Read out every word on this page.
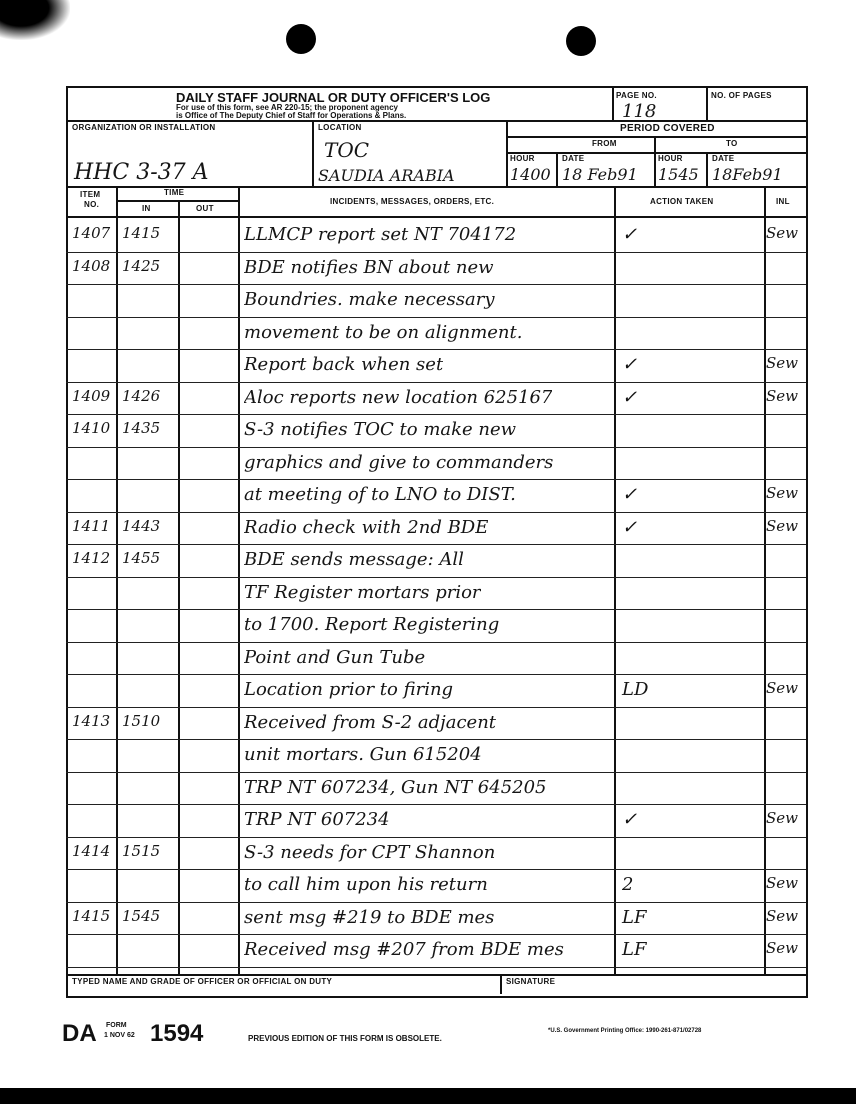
DAILY STAFF JOURNAL OR DUTY OFFICER'S LOG
For use of this form, see AR 220-15; the proponent agency
is Office of The Deputy Chief of Staff for Operations & Plans.
PAGE NO.
118
NO. OF PAGES
ORGANIZATION OR INSTALLATION
HHC 3-37 A
LOCATION
TOC
SAUDIA ARABIA
PERIOD COVERED
FROM	TO
HOUR	DATE	HOUR	DATE
1400 18 Feb91 1545 18Feb91
ITEM
NO.
TIME
IN	OUT
INCIDENTS, MESSAGES, ORDERS, ETC.	ACTION TAKEN	INL
1407 1415	LLMCP report set NT 704172	✓	Sew
1408 1425	BDE notifies BN about new
Boundries. make necessary
movement to be on alignment.
Report back when set	✓	Sew
1409 1426	Aloc reports new location 625167	✓	Sew
1410 1435	S-3 notifies TOC to make new
graphics and give to commanders
at meeting of to LNO to DIST.	✓	Sew
1411 1443	Radio check with 2nd BDE	✓	Sew
1412 1455	BDE sends message: All
TF Register mortars prior
to 1700. Report Registering
Point and Gun Tube
Location prior to firing	LD	Sew
1413 1510	Received from S-2 adjacent
unit mortars. Gun 615204
TRP NT 607234, Gun NT 645205
TRP NT 607234	✓	Sew
1414 1515	S-3 needs for CPT Shannon
to call him upon his return	2	Sew
1415 1545	sent msg #219 to BDE mes	LF	Sew
Received msg #207 from BDE mes	LF	Sew
TYPED NAME AND GRADE OF OFFICER OR OFFICIAL ON DUTY	SIGNATURE
DA FORM
1 NOV 62 1594	PREVIOUS EDITION OF THIS FORM IS OBSOLETE.
*U.S. Government Printing Office: 1990-261-871/02728
